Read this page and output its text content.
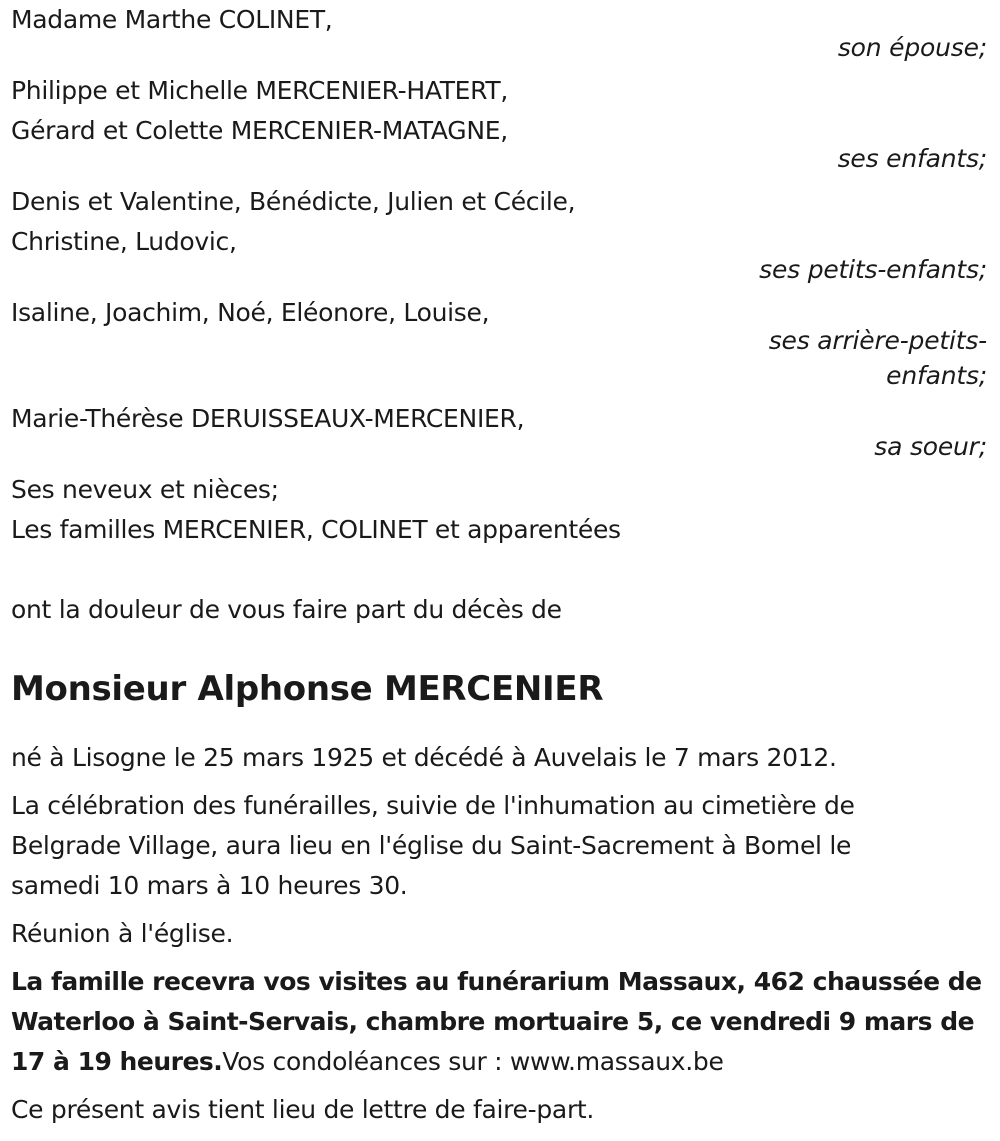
Madame Marthe COLINET,

son épouse;

Philippe et Michelle MERCENIER-HATERT,

Gérard et Colette MERCENIER-MATAGNE,

ses enfants;

Denis et Valentine, Bénédicte, Julien et Cécile,

Christine, Ludovic,

ses petits-enfants;

Isaline, Joachim, Noé, Eléonore, Louise,

ses arrière-petits-

enfants;

Marie-Thérèse DERUISSEAUX-MERCENIER,

sa soeur;

Ses neveux et nièces;

Les familles MERCENIER, COLINET et apparentées

ont la douleur de vous faire part du décès de

Monsieur Alphonse MERCENIER

né à Lisogne le 25 mars 1925 et décédé à Auvelais le 7 mars 2012.

La célébration des funérailles, suivie de l'inhumation au cimetière de

Belgrade Village, aura lieu en l'église du Saint-Sacrement à Bomel le

samedi 10 mars à 10 heures 30.

Réunion à l'église.

La famille recevra vos visites au funérarium Massaux, 462 chaussée de

Waterloo à Saint-Servais, chambre mortuaire 5, ce vendredi 9 mars de

17 à 19 heures.Vos condoléances sur : www.massaux.be

Ce présent avis tient lieu de lettre de faire-part.
